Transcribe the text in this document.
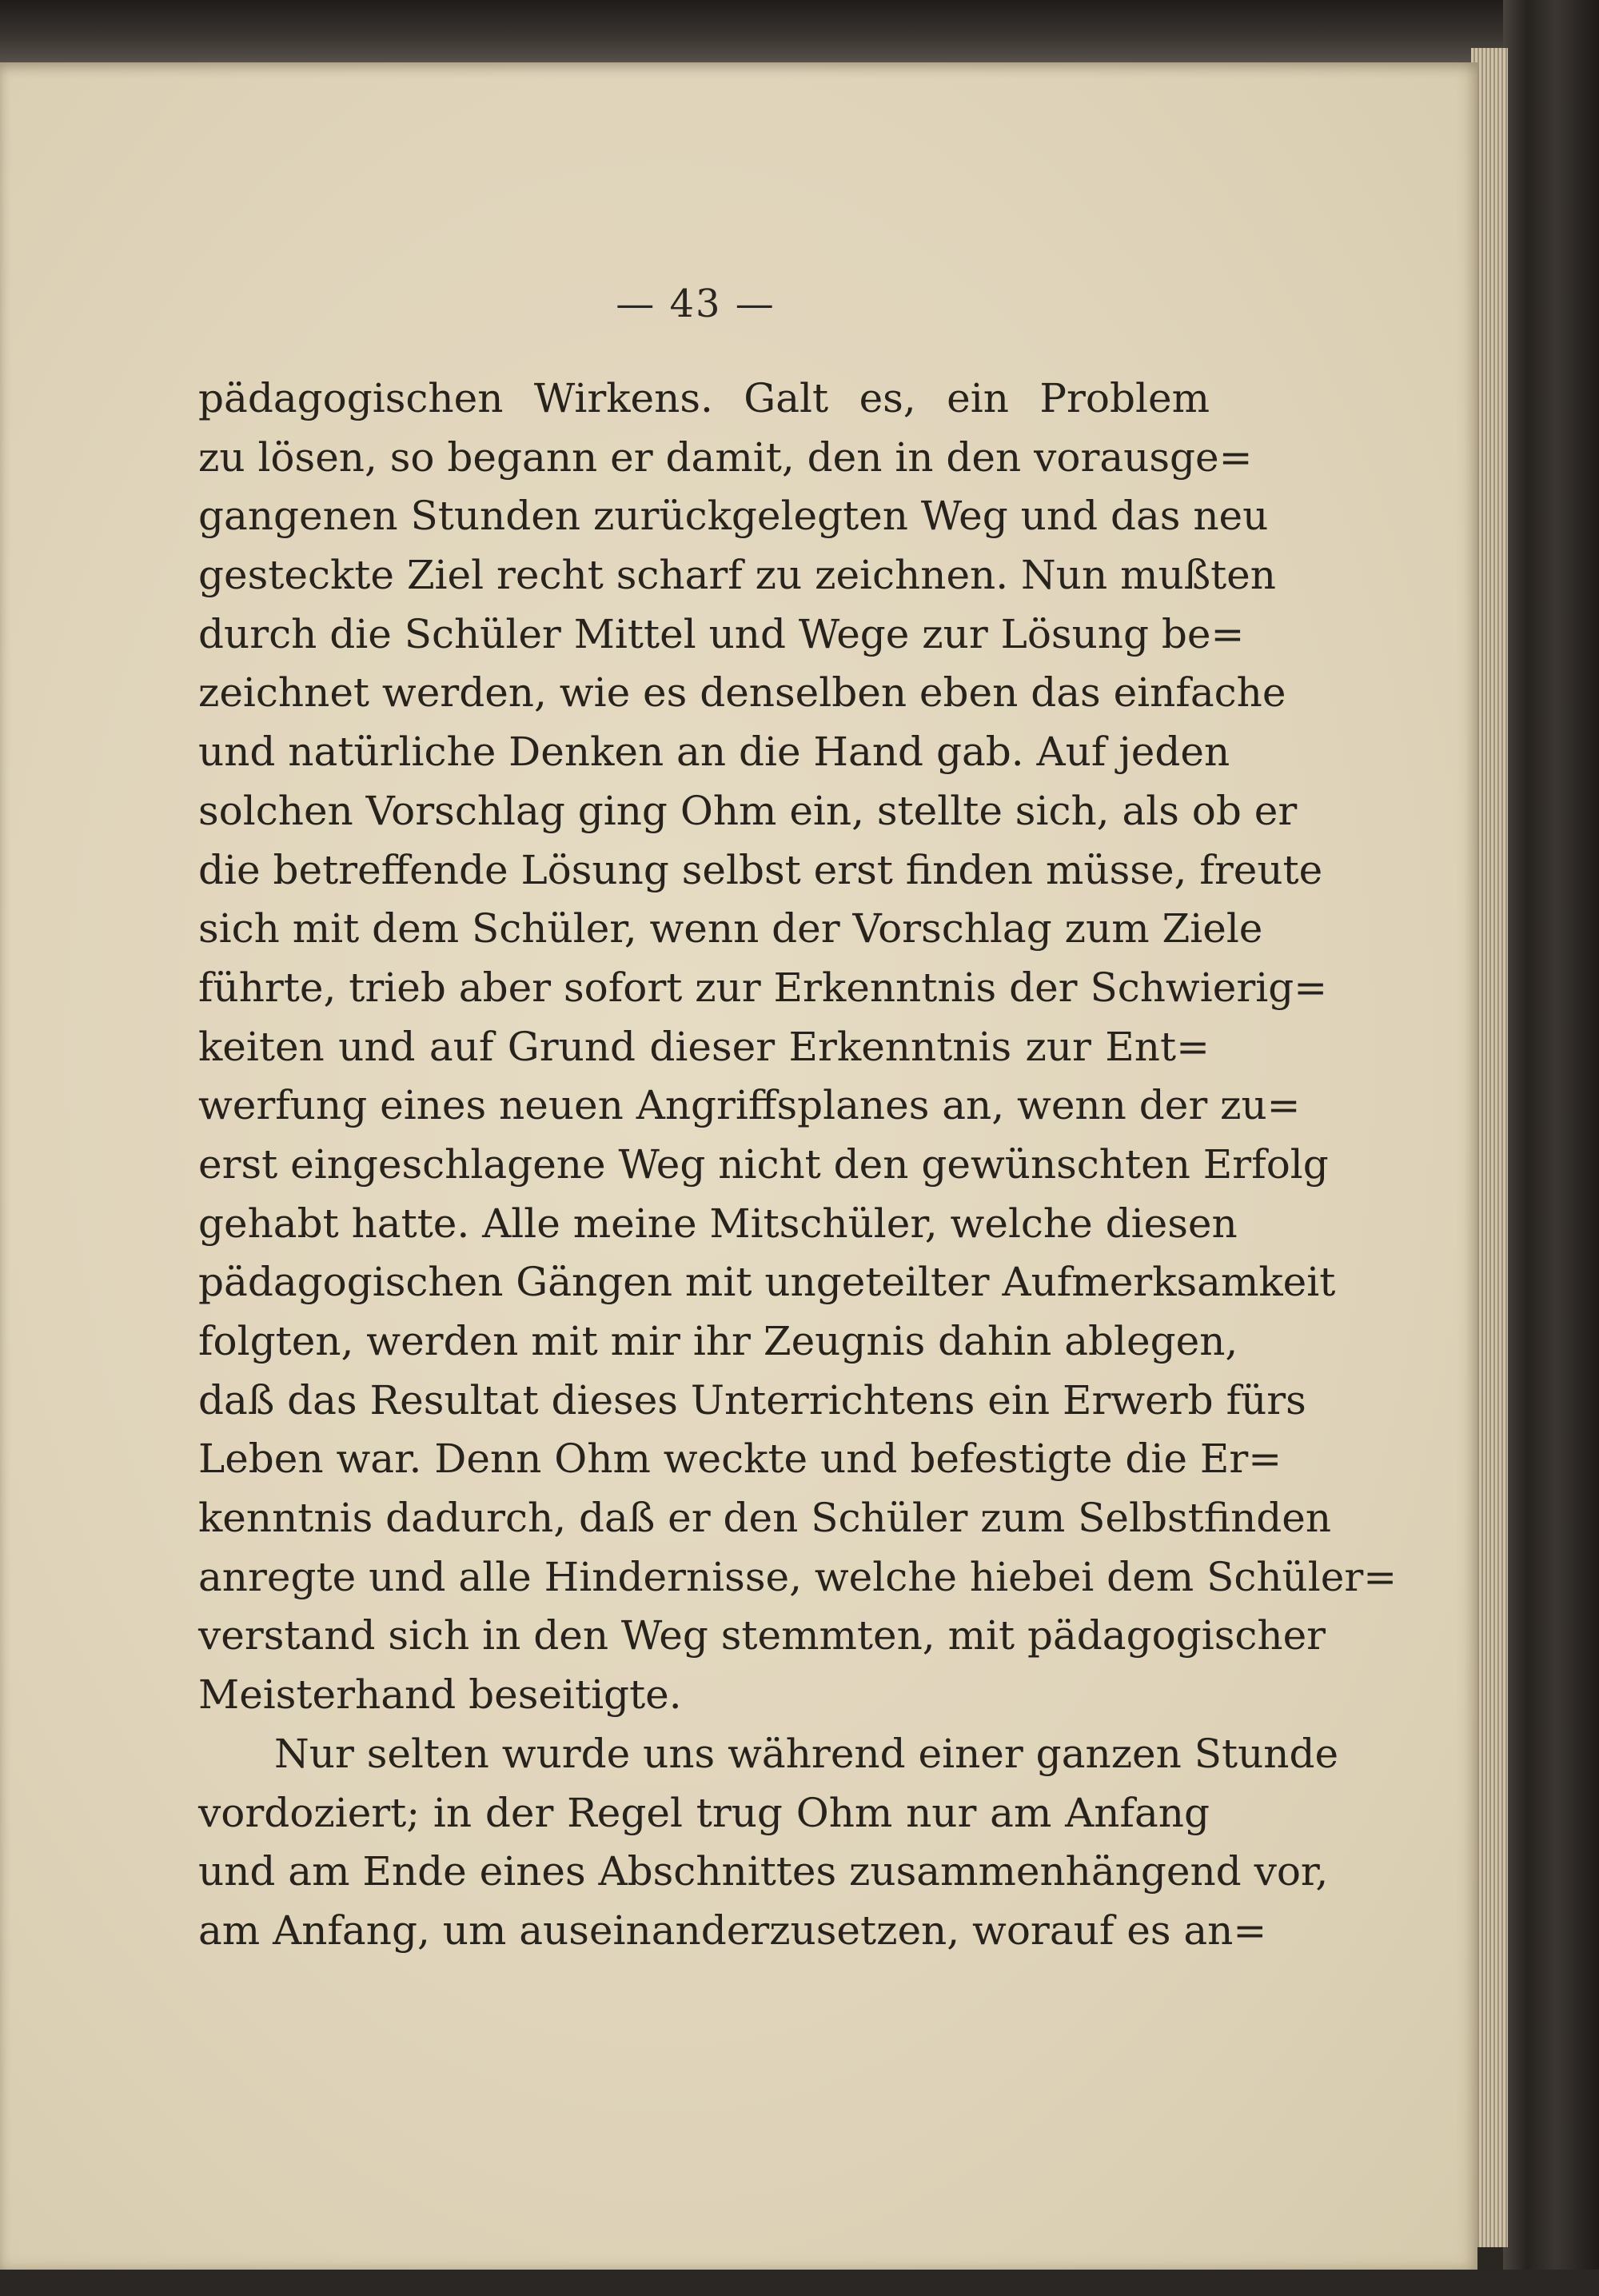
— 43 —
pädagogischen Wirkens. Galt es, ein Problem
zu lösen, so begann er damit, den in den vorausge=
gangenen Stunden zurückgelegten Weg und das neu
gesteckte Ziel recht scharf zu zeichnen. Nun mußten
durch die Schüler Mittel und Wege zur Lösung be=
zeichnet werden, wie es denselben eben das einfache
und natürliche Denken an die Hand gab. Auf jeden
solchen Vorschlag ging Ohm ein, stellte sich, als ob er
die betreffende Lösung selbst erst finden müsse, freute
sich mit dem Schüler, wenn der Vorschlag zum Ziele
führte, trieb aber sofort zur Erkenntnis der Schwierig=
keiten und auf Grund dieser Erkenntnis zur Ent=
werfung eines neuen Angriffsplanes an, wenn der zu=
erst eingeschlagene Weg nicht den gewünschten Erfolg
gehabt hatte. Alle meine Mitschüler, welche diesen
pädagogischen Gängen mit ungeteilter Aufmerksamkeit
folgten, werden mit mir ihr Zeugnis dahin ablegen,
daß das Resultat dieses Unterrichtens ein Erwerb fürs
Leben war. Denn Ohm weckte und befestigte die Er=
kenntnis dadurch, daß er den Schüler zum Selbstfinden
anregte und alle Hindernisse, welche hiebei dem Schüler=
verstand sich in den Weg stemmten, mit pädagogischer
Meisterhand beseitigte.
Nur selten wurde uns während einer ganzen Stunde
vordoziert; in der Regel trug Ohm nur am Anfang
und am Ende eines Abschnittes zusammenhängend vor,
am Anfang, um auseinanderzusetzen, worauf es an=
